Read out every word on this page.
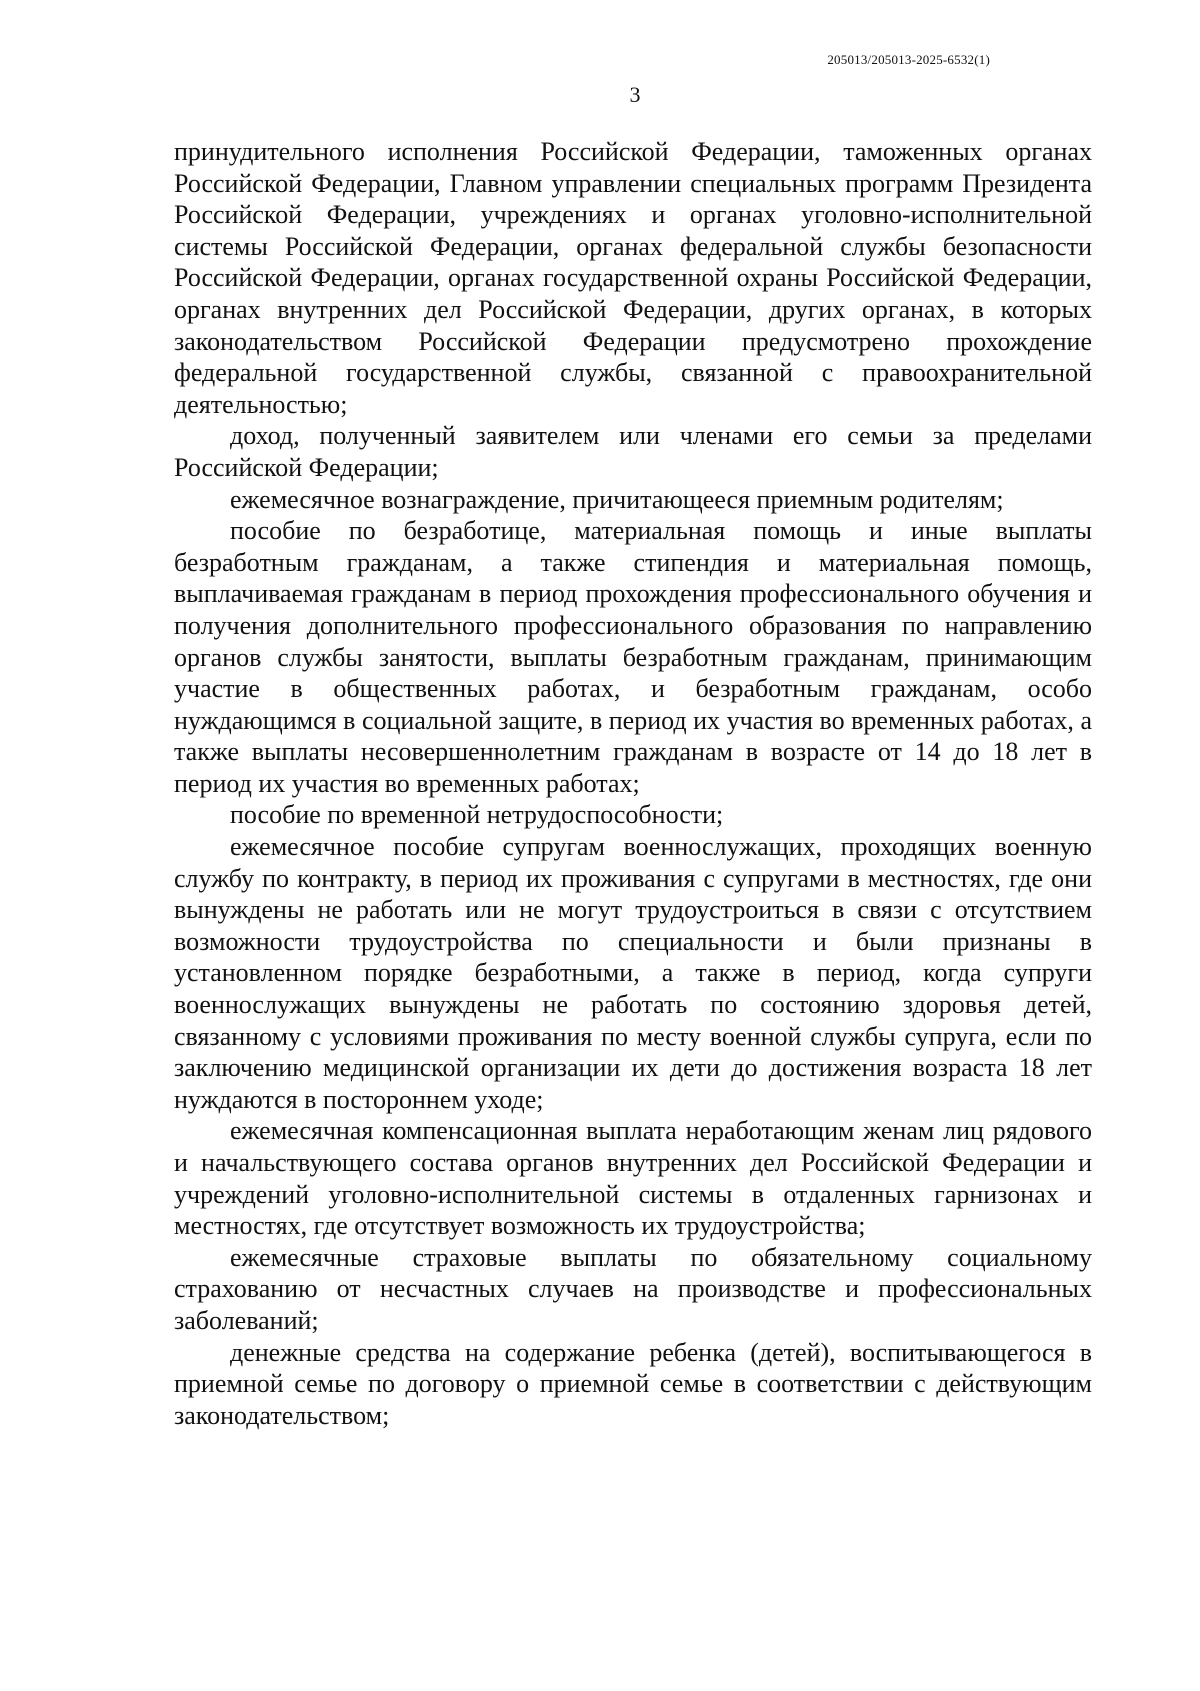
205013/205013-2025-6532(1)
3

принудительного исполнения Российской Федерации, таможенных органах Российской Федерации, Главном управлении специальных программ Президента Российской Федерации, учреждениях и органах уголовно-исполнительной системы Российской Федерации, органах федеральной службы безопасности Российской Федерации, органах государственной охраны Российской Федерации, органах внутренних дел Российской Федерации, других органах, в которых законодательством Российской Федерации предусмотрено прохождение федеральной государственной службы, связанной с правоохранительной деятельностью;

доход, полученный заявителем или членами его семьи за пределами Российской Федерации;

ежемесячное вознаграждение, причитающееся приемным родителям;

пособие по безработице, материальная помощь и иные выплаты безработным гражданам, а также стипендия и материальная помощь, выплачиваемая гражданам в период прохождения профессионального обучения и получения дополнительного профессионального образования по направлению органов службы занятости, выплаты безработным гражданам, принимающим участие в общественных работах, и безработным гражданам, особо нуждающимся в социальной защите, в период их участия во временных работах, а также выплаты несовершеннолетним гражданам в возрасте от 14 до 18 лет в период их участия во временных работах;

пособие по временной нетрудоспособности;

ежемесячное пособие супругам военнослужащих, проходящих военную службу по контракту, в период их проживания с супругами в местностях, где они вынуждены не работать или не могут трудоустроиться в связи с отсутствием возможности трудоустройства по специальности и были признаны в установленном порядке безработными, а также в период, когда супруги военнослужащих вынуждены не работать по состоянию здоровья детей, связанному с условиями проживания по месту военной службы супруга, если по заключению медицинской организации их дети до достижения возраста 18 лет нуждаются в постороннем уходе;

ежемесячная компенсационная выплата неработающим женам лиц рядового и начальствующего состава органов внутренних дел Российской Федерации и учреждений уголовно-исполнительной системы в отдаленных гарнизонах и местностях, где отсутствует возможность их трудоустройства;

ежемесячные страховые выплаты по обязательному социальному страхованию от несчастных случаев на производстве и профессиональных заболеваний;

денежные средства на содержание ребенка (детей), воспитывающегося в приемной семье по договору о приемной семье в соответствии с действующим законодательством;
